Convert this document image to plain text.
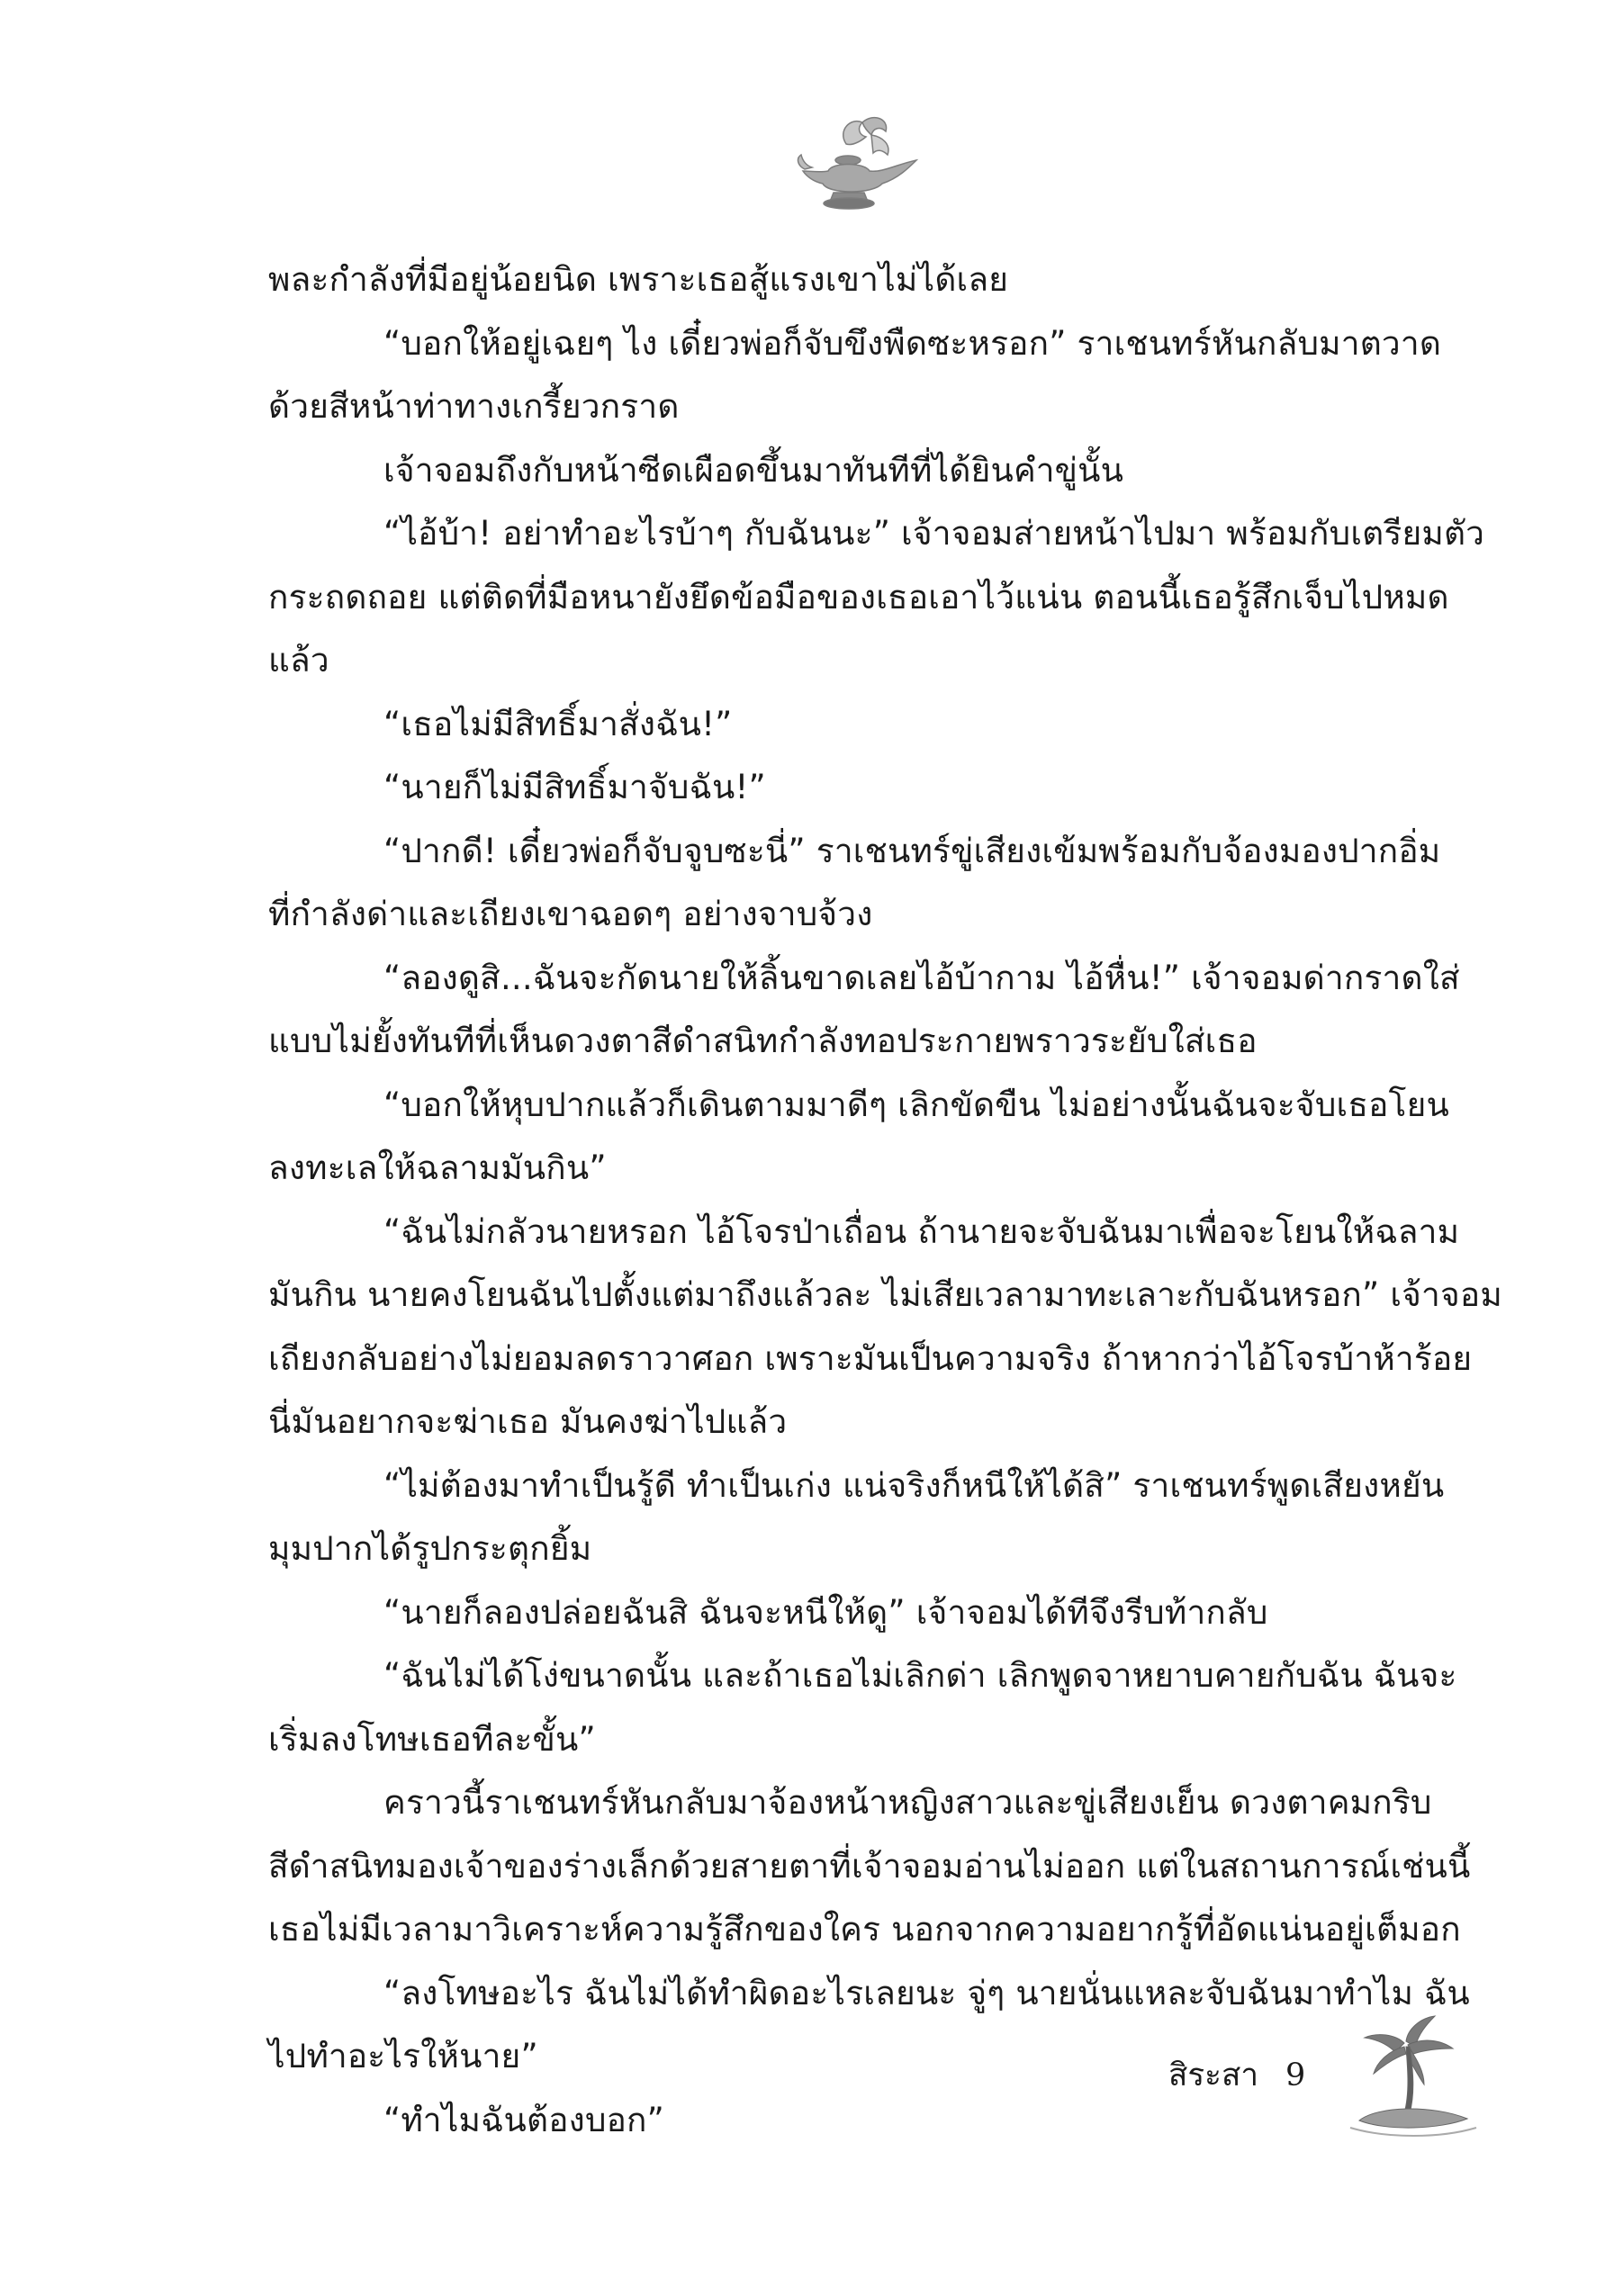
พละกำลังที่มีอยู่น้อยนิด เพราะเธอสู้แรงเขาไม่ได้เลย
“บอกให้อยู่เฉยๆ ไง เดี๋ยวพ่อก็จับขึงพืดซะหรอก” ราเชนทร์หันกลับมาตวาด
ด้วยสีหน้าท่าทางเกรี้ยวกราด
เจ้าจอมถึงกับหน้าซีดเผือดขึ้นมาทันทีที่ได้ยินคำขู่นั้น
“ไอ้บ้า! อย่าทำอะไรบ้าๆ กับฉันนะ” เจ้าจอมส่ายหน้าไปมา พร้อมกับเตรียมตัว
กระถดถอย แต่ติดที่มือหนายังยึดข้อมือของเธอเอาไว้แน่น ตอนนี้เธอรู้สึกเจ็บไปหมด
แล้ว
“เธอไม่มีสิทธิ์มาสั่งฉัน!”
“นายก็ไม่มีสิทธิ์มาจับฉัน!”
“ปากดี! เดี๋ยวพ่อก็จับจูบซะนี่” ราเชนทร์ขู่เสียงเข้มพร้อมกับจ้องมองปากอิ่ม
ที่กำลังด่าและเถียงเขาฉอดๆ อย่างจาบจ้วง
“ลองดูสิ...ฉันจะกัดนายให้ลิ้นขาดเลยไอ้บ้ากาม ไอ้หื่น!” เจ้าจอมด่ากราดใส่
แบบไม่ยั้งทันทีที่เห็นดวงตาสีดำสนิทกำลังทอประกายพราวระยับใส่เธอ
“บอกให้หุบปากแล้วก็เดินตามมาดีๆ เลิกขัดขืน ไม่อย่างนั้นฉันจะจับเธอโยน
ลงทะเลให้ฉลามมันกิน”
“ฉันไม่กลัวนายหรอก ไอ้โจรป่าเถื่อน ถ้านายจะจับฉันมาเพื่อจะโยนให้ฉลาม
มันกิน นายคงโยนฉันไปตั้งแต่มาถึงแล้วละ ไม่เสียเวลามาทะเลาะกับฉันหรอก” เจ้าจอม
เถียงกลับอย่างไม่ยอมลดราวาศอก เพราะมันเป็นความจริง ถ้าหากว่าไอ้โจรบ้าห้าร้อย
นี่มันอยากจะฆ่าเธอ มันคงฆ่าไปแล้ว
“ไม่ต้องมาทำเป็นรู้ดี ทำเป็นเก่ง แน่จริงก็หนีให้ได้สิ” ราเชนทร์พูดเสียงหยัน
มุมปากได้รูปกระตุกยิ้ม
“นายก็ลองปล่อยฉันสิ ฉันจะหนีให้ดู” เจ้าจอมได้ทีจึงรีบท้ากลับ
“ฉันไม่ได้โง่ขนาดนั้น และถ้าเธอไม่เลิกด่า เลิกพูดจาหยาบคายกับฉัน ฉันจะ
เริ่มลงโทษเธอทีละขั้น”
คราวนี้ราเชนทร์หันกลับมาจ้องหน้าหญิงสาวและขู่เสียงเย็น ดวงตาคมกริบ
สีดำสนิทมองเจ้าของร่างเล็กด้วยสายตาที่เจ้าจอมอ่านไม่ออก แต่ในสถานการณ์เช่นนี้
เธอไม่มีเวลามาวิเคราะห์ความรู้สึกของใคร นอกจากความอยากรู้ที่อัดแน่นอยู่เต็มอก
“ลงโทษอะไร ฉันไม่ได้ทำผิดอะไรเลยนะ จู่ๆ นายนั่นแหละจับฉันมาทำไม ฉัน
ไปทำอะไรให้นาย”
“ทำไมฉันต้องบอก”
สิระสา 9
